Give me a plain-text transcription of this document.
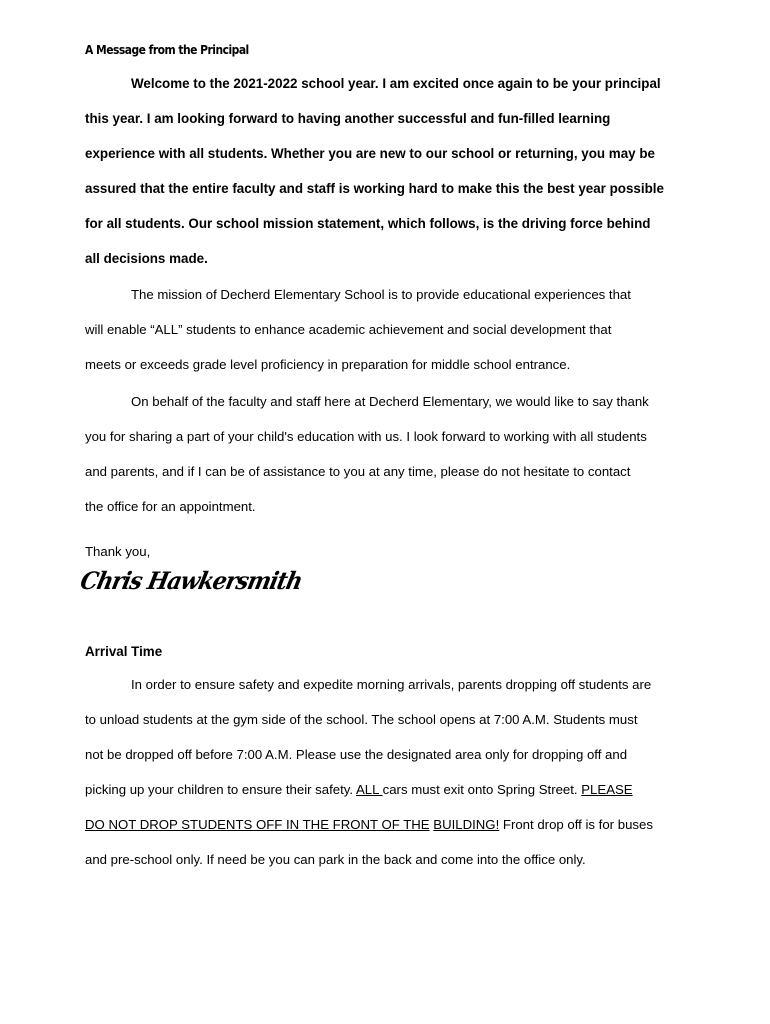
A Message from the Principal

Welcome to the 2021-2022 school year. I am excited once again to be your principal
this year. I am looking forward to having another successful and fun-filled learning
experience with all students. Whether you are new to our school or returning, you may be
assured that the entire faculty and staff is working hard to make this the best year possible
for all students. Our school mission statement, which follows, is the driving force behind
all decisions made.

The mission of Decherd Elementary School is to provide educational experiences that
will enable “ALL” students to enhance academic achievement and social development that
meets or exceeds grade level proficiency in preparation for middle school entrance.

On behalf of the faculty and staff here at Decherd Elementary, we would like to say thank
you for sharing a part of your child's education with us. I look forward to working with all students
and parents, and if I can be of assistance to you at any time, please do not hesitate to contact
the office for an appointment.

Thank you,
Chris Hawkersmith
Arrival Time

In order to ensure safety and expedite morning arrivals, parents dropping off students are
to unload students at the gym side of the school. The school opens at 7:00 A.M. Students must
not be dropped off before 7:00 A.M. Please use the designated area only for dropping off and
picking up your children to ensure their safety. ALL cars must exit onto Spring Street. PLEASE
DO NOT DROP STUDENTS OFF IN THE FRONT OF THE BUILDING! Front drop off is for buses
and pre-school only. If need be you can park in the back and come into the office only.
